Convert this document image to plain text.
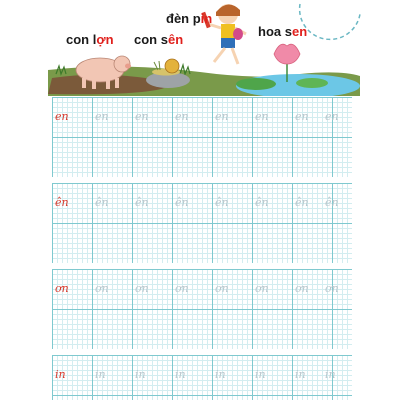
con lợn con sên
đèn pin
hoa sen
en en en en en en en en
ên ên ên ên ên ên ên ên
ơn ơn ơn ơn ơn ơn ơn ơn
in	in	in	in	in	in	in in
